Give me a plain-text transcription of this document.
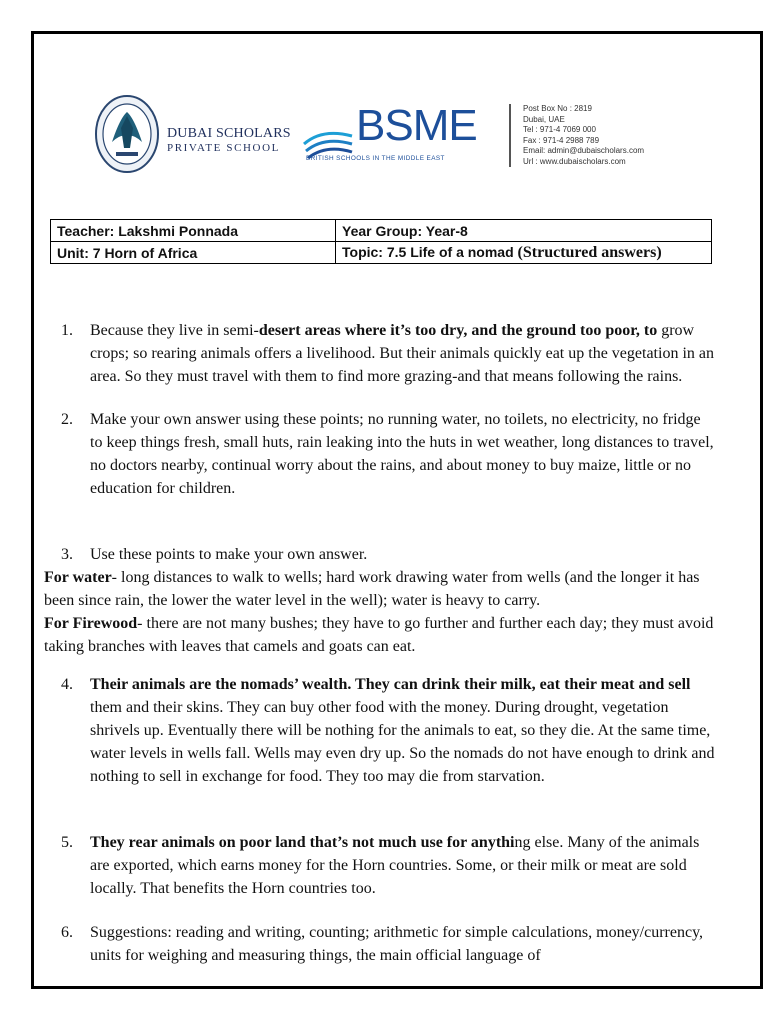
DUBAI SCHOLARS
PRIVATE SCHOOL BSME
BRITISH SCHOOLS IN THE MIDDLE EAST
Post Box No : 2819
Dubai, UAE
Tel : 971-4 7069 000
Fax : 971-4 2988 789
Email: admin@dubaischolars.com
Url : www.dubaischolars.com
Teacher: Lakshmi Ponnada	Year Group: Year-8
Unit: 7 Horn of Africa	Topic: 7.5 Life of a nomad (Structured answers)
1. Because they live in semi-desert areas where it’s too dry, and the ground too poor, to grow crops; so rearing animals offers a livelihood. But their animals quickly eat up the vegetation in an area. So they must travel with them to find more grazing-and that means following the rains.
2. Make your own answer using these points; no running water, no toilets, no electricity, no fridge to keep things fresh, small huts, rain leaking into the huts in wet weather, long distances to travel, no doctors nearby, continual worry about the rains, and about money to buy maize, little or no education for children.
3. Use these points to make your own answer.

For water- long distances to walk to wells; hard work drawing water from wells (and the longer it has been since rain, the lower the water level in the well); water is heavy to carry.

For Firewood- there are not many bushes; they have to go further and further each day; they must avoid taking branches with leaves that camels and goats can eat.

4. Their animals are the nomads’ wealth. They can drink their milk, eat their meat and sell them and their skins. They can buy other food with the money. During drought, vegetation shrivels up. Eventually there will be nothing for the animals to eat, so they die. At the same time, water levels in wells fall. Wells may even dry up. So the nomads do not have enough to drink and nothing to sell in exchange for food. They too may die from starvation.
5. They rear animals on poor land that’s not much use for anything else. Many of the animals are exported, which earns money for the Horn countries. Some, or their milk or meat are sold locally. That benefits the Horn countries too.
6. Suggestions: reading and writing, counting; arithmetic for simple calculations, money/currency, units for weighing and measuring things, the main official language of
